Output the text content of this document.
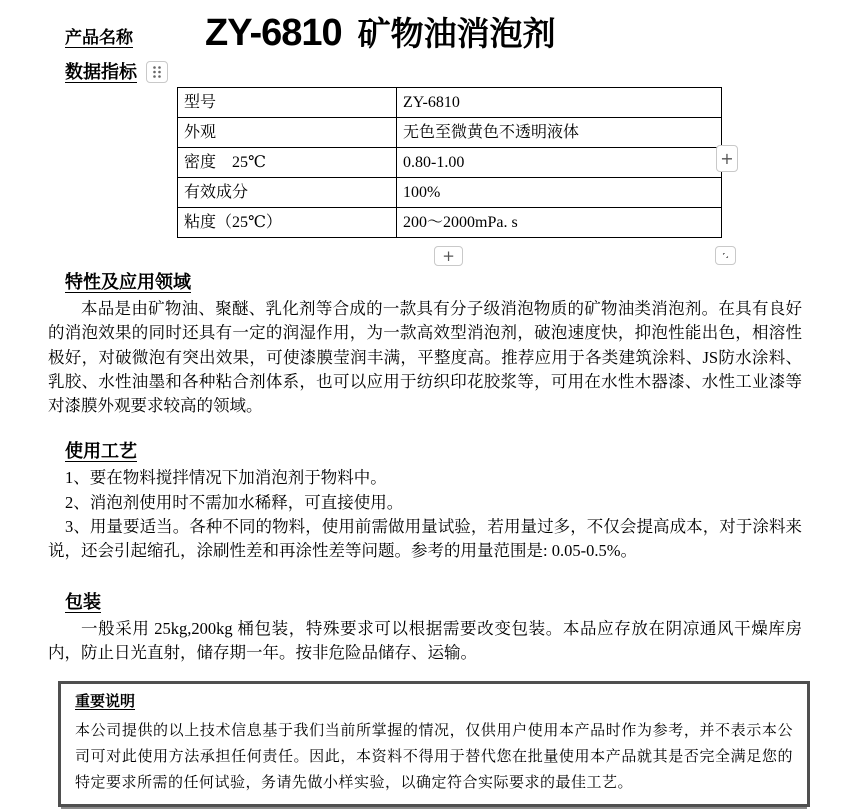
产品名称 ZY-6810 矿物油消泡剂
数据指标
型号	ZY-6810
外观	无色至微黄色不透明液体
密度　25℃	0.80-1.00
有效成分	100%
粘度（25℃）	200～2000mPa. s
特性及应用领域

本品是由矿物油、聚醚、乳化剂等合成的一款具有分子级消泡物质的矿物油类消泡剂。在具有良好的消泡效果的同时还具有一定的润湿作用，为一款高效型消泡剂，破泡速度快，抑泡性能出色，相溶性极好，对破微泡有突出效果，可使漆膜莹润丰满，平整度高。推荐应用于各类建筑涂料、JS防水涂料、乳胶、水性油墨和各种粘合剂体系，也可以应用于纺织印花胶浆等，可用在水性木器漆、水性工业漆等对漆膜外观要求较高的领域。

使用工艺
1、要在物料搅拌情况下加消泡剂于物料中。
2、消泡剂使用时不需加水稀释，可直接使用。
3、用量要适当。各种不同的物料，使用前需做用量试验，若用量过多，不仅会提高成本，对于涂料来说，还会引起缩孔，涂刷性差和再涂性差等问题。参考的用量范围是: 0.05-0.5%。
包装

一般采用 25kg,200kg 桶包装，特殊要求可以根据需要改变包装。本品应存放在阴凉通风干燥库房内，防止日光直射，储存期一年。按非危险品储存、运输。

重要说明

本公司提供的以上技术信息基于我们当前所掌握的情况，仅供用户使用本产品时作为参考，并不表示本公司可对此使用方法承担任何责任。因此，本资料不得用于替代您在批量使用本产品就其是否完全满足您的特定要求所需的任何试验，务请先做小样实验，以确定符合实际要求的最佳工艺。

+
+
